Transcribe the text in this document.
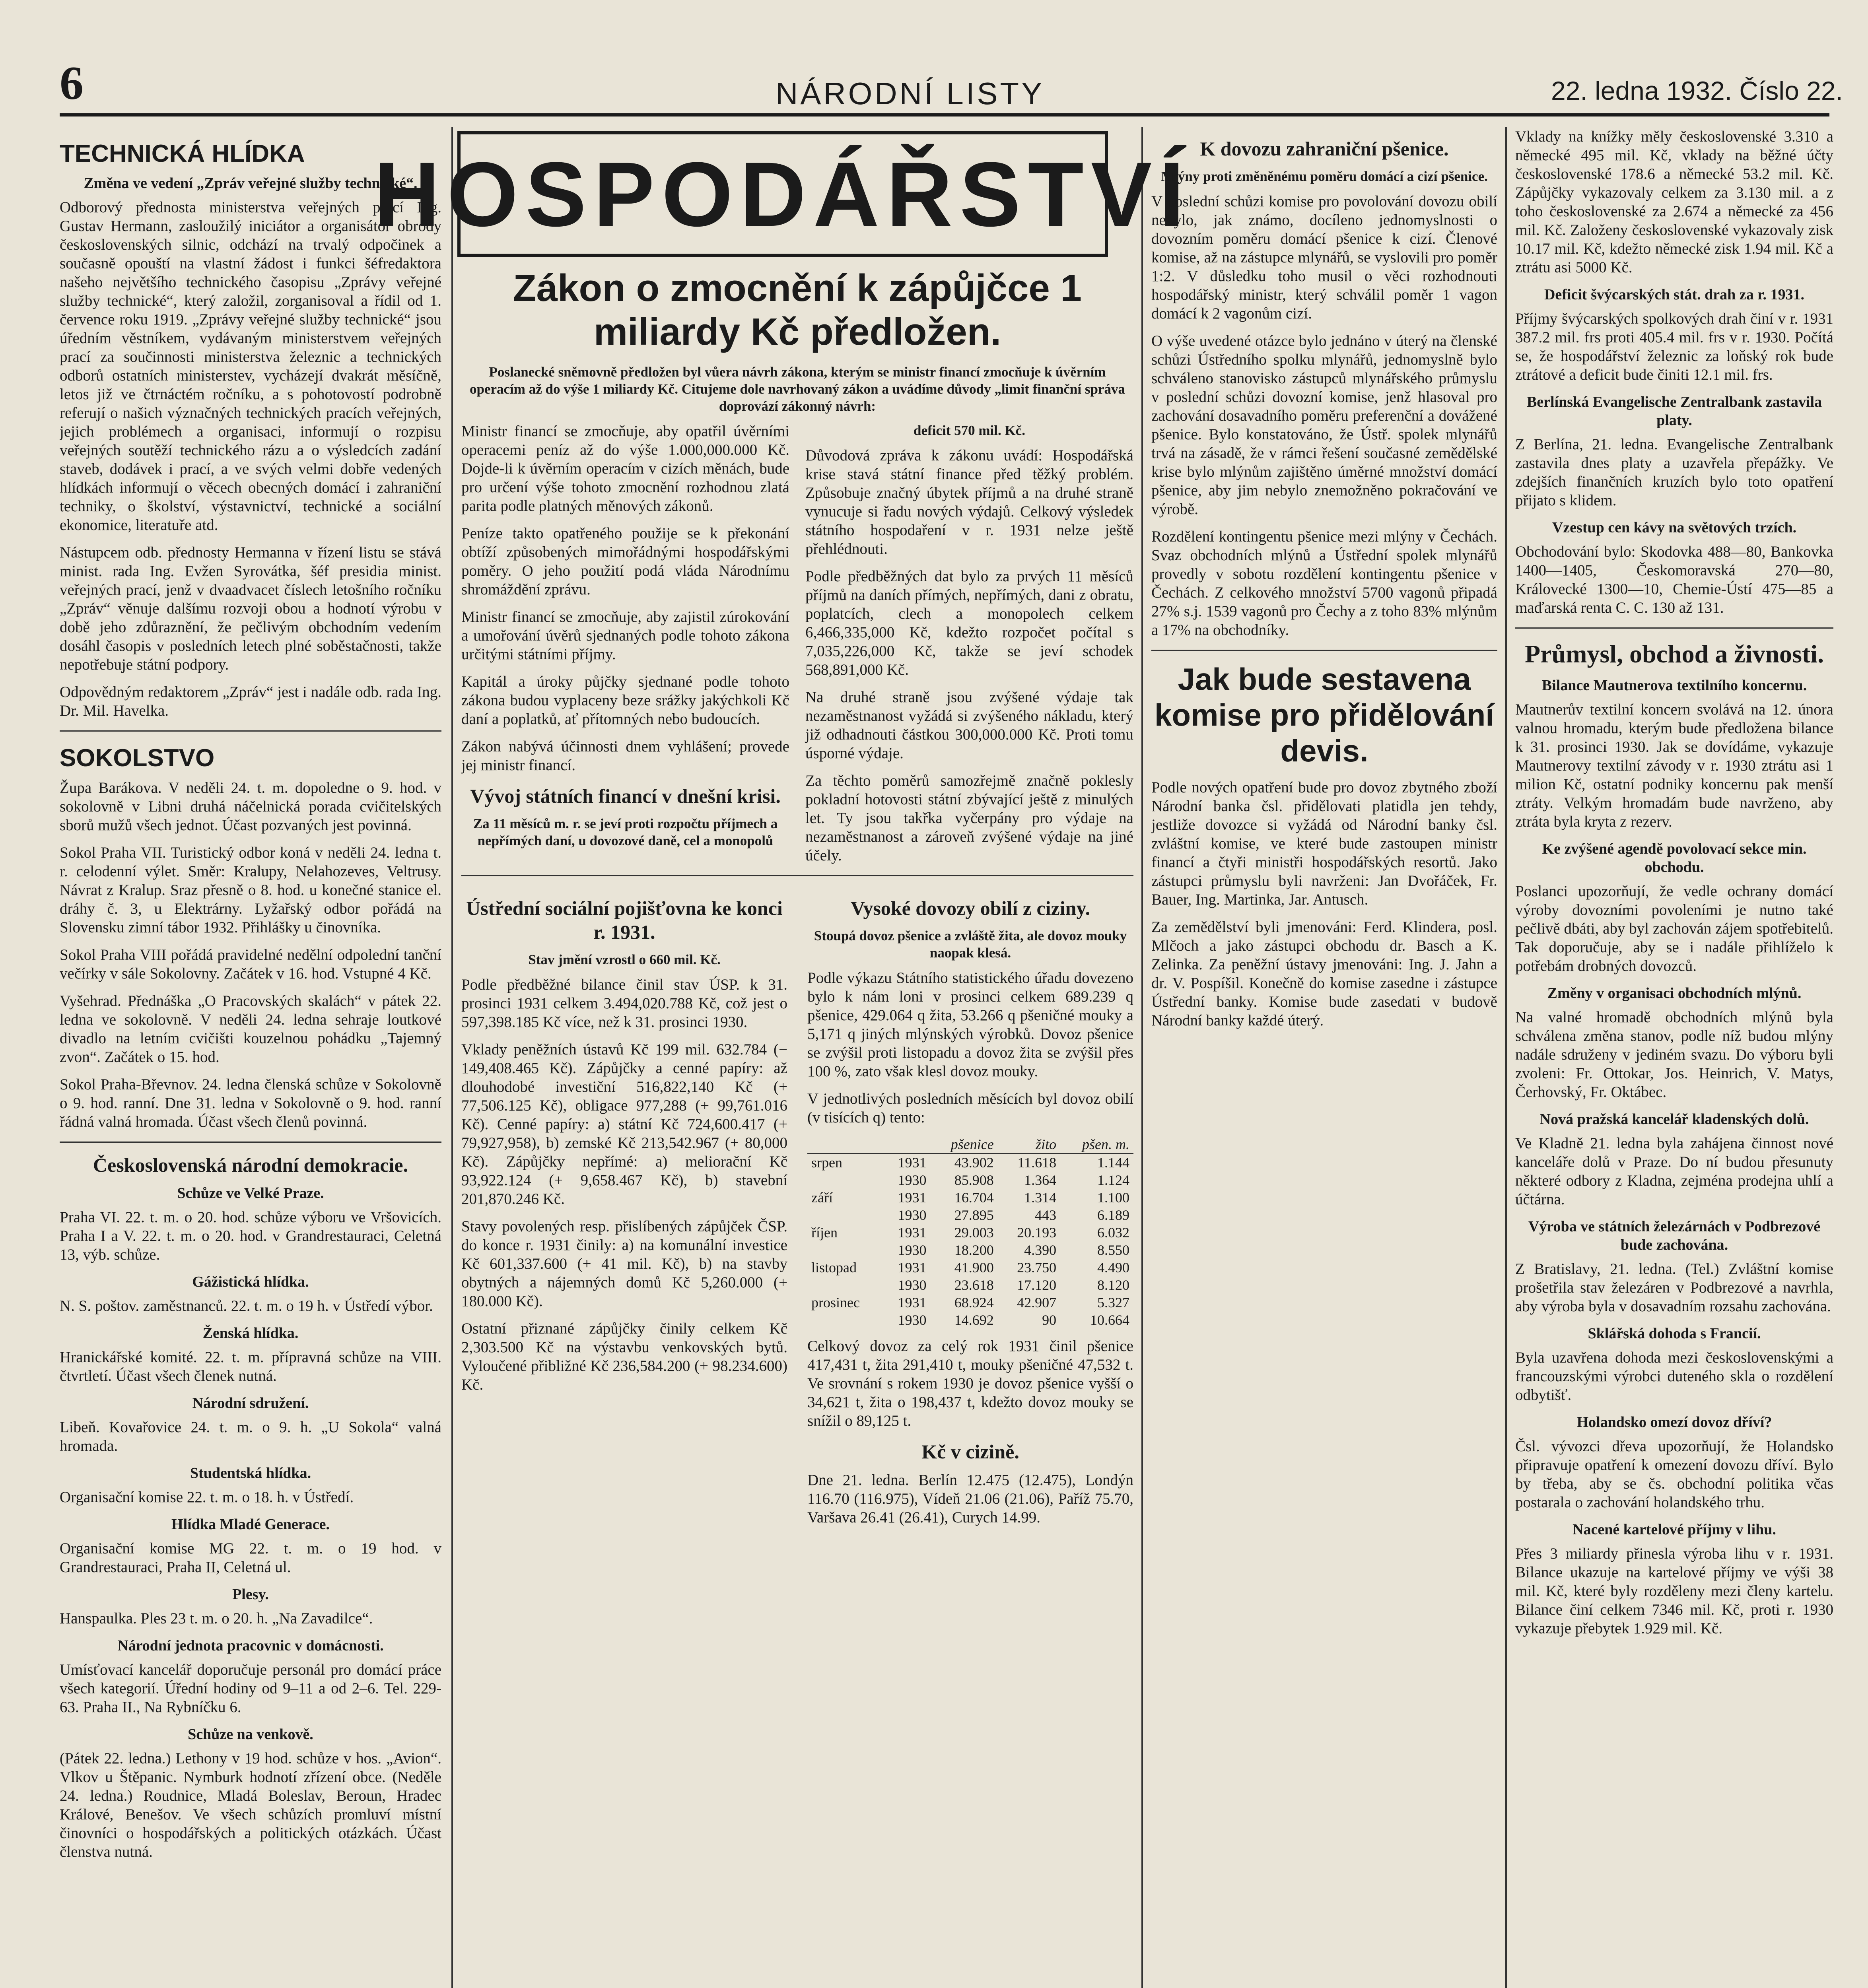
6	NÁRODNÍ LISTY	22. ledna 1932. Číslo 22.
TECHNICKÁ HLÍDKA
Změna ve vedení „Zpráv veřejné služby technické“.

Odborový přednosta ministerstva veřejných prací Ing. Gustav Hermann, zasloužilý iniciátor a organisátor obrody československých silnic, odchází na trvalý odpočinek a současně opouští na vlastní žádost i funkci šéfredaktora našeho největšího technického časopisu „Zprávy veřejné služby technické“, který založil, zorganisoval a řídil od 1. července roku 1919. „Zprávy veřejné služby technické“ jsou úředním věstníkem, vydávaným ministerstvem veřejných prací za součinnosti ministerstva železnic a technických odborů ostatních ministerstev, vycházejí dvakrát měsíčně, letos již ve čtrnáctém ročníku, a s pohotovostí podrobně referují o našich význačných technických pracích veřejných, jejich problémech a organisaci, informují o rozpisu veřejných soutěží technického rázu a o výsledcích zadání staveb, dodávek i prací, a ve svých velmi dobře vedených hlídkách informují o věcech obecných domácí i zahraniční techniky, o školství, výstavnictví, technické a sociální ekonomice, literatuře atd.

Nástupcem odb. přednosty Hermanna v řízení listu se stává minist. rada Ing. Evžen Syrovátka, šéf presidia minist. veřejných prací, jenž v dvaadvacet číslech letošního ročníku „Zpráv“ věnuje dalšímu rozvoji obou a hodnotí výrobu v době jeho zdůraznění, že pečlivým obchodním vedením dosáhl časopis v posledních letech plné soběstačnosti, takže nepotřebuje státní podpory.

Odpovědným redaktorem „Zpráv“ jest i nadále odb. rada Ing. Dr. Mil. Havelka.

SOKOLSTVO

Župa Barákova. V neděli 24. t. m. dopoledne o 9. hod. v sokolovně v Libni druhá náčelnická porada cvičitelských sborů mužů všech jednot. Účast pozvaných jest povinná.

Sokol Praha VII. Turistický odbor koná v neděli 24. ledna t. r. celodenní výlet. Směr: Kralupy, Nelahozeves, Veltrusy. Návrat z Kralup. Sraz přesně o 8. hod. u konečné stanice el. dráhy č. 3, u Elektrárny. Lyžařský odbor pořádá na Slovensku zimní tábor 1932. Přihlášky u činovníka.

Sokol Praha VIII pořádá pravidelné nedělní odpolední tanční večírky v sále Sokolovny. Začátek v 16. hod. Vstupné 4 Kč.

Vyšehrad. Přednáška „O Pracovských skalách“ v pátek 22. ledna ve sokolovně. V neděli 24. ledna sehraje loutkové divadlo na letním cvičišti kouzelnou pohádku „Tajemný zvon“. Začátek o 15. hod.

Sokol Praha-Břevnov. 24. ledna členská schůze v Sokolovně o 9. hod. ranní. Dne 31. ledna v Sokolovně o 9. hod. ranní řádná valná hromada. Účast všech členů povinná.

Československá národní demokracie.
Schůze ve Velké Praze.

Praha VI. 22. t. m. o 20. hod. schůze výboru ve Vršovicích. Praha I a V. 22. t. m. o 20. hod. v Grandrestauraci, Celetná 13, výb. schůze.

Gážistická hlídka.

N. S. poštov. zaměstnanců. 22. t. m. o 19 h. v Ústředí výbor.

Ženská hlídka.

Hranickářské komité. 22. t. m. přípravná schůze na VIII. čtvrtletí. Účast všech členek nutná.

Národní sdružení.

Libeň. Kovařovice 24. t. m. o 9. h. „U Sokola“ valná hromada.

Studentská hlídka.

Organisační komise 22. t. m. o 18. h. v Ústředí.

Hlídka Mladé Generace.

Organisační komise MG 22. t. m. o 19 hod. v Grandrestauraci, Praha II, Celetná ul.

Plesy.

Hanspaulka. Ples 23 t. m. o 20. h. „Na Zavadilce“.

Národní jednota pracovnic v domácnosti.

Umísťovací kancelář doporučuje personál pro domácí práce všech kategorií. Úřední hodiny od 9–11 a od 2–6. Tel. 229-63. Praha II., Na Rybníčku 6.

Schůze na venkově.

(Pátek 22. ledna.) Lethony v 19 hod. schůze v hos. „Avion“. Vlkov u Štěpanic. Nymburk hodnotí zřízení obce. (Neděle 24. ledna.) Roudnice, Mladá Boleslav, Beroun, Hradec Králové, Benešov. Ve všech schůzích promluví místní činovníci o hospodářských a politických otázkách. Účast členstva nutná.

HOSPODÁŘSTVÍ
Zákon o zmocnění k zápůjčce 1 miliardy Kč předložen.

Poslanecké sněmovně předložen byl vůera návrh zákona, kterým se ministr financí zmocňuje k úvěrním operacím až do výše 1 miliardy Kč. Citujeme dole navrhovaný zákon a uvádíme důvody „limit finanční správa doprovází zákonný návrh:

Ministr financí se zmocňuje, aby opatřil úvěrními operacemi peníz až do výše 1.000,000.000 Kč. Dojde-li k úvěrním operacím v cizích měnách, bude pro určení výše tohoto zmocnění rozhodnou zlatá parita podle platných měnových zákonů.

Peníze takto opatřeného použije se k překonání obtíží způsobených mimořádnými hospodářskými poměry. O jeho použití podá vláda Národnímu shromáždění zprávu.

Ministr financí se zmocňuje, aby zajistil zúrokování a umořování úvěrů sjednaných podle tohoto zákona určitými státními příjmy.

Kapitál a úroky půjčky sjednané podle tohoto zákona budou vyplaceny beze srážky jakýchkoli Kč daní a poplatků, ať přítomných nebo budoucích.

Zákon nabývá účinnosti dnem vyhlášení; provede jej ministr financí.

Vývoj státních financí v dnešní krisi.

Za 11 měsíců m. r. se jeví proti rozpočtu příjmech a nepřímých daní, u dovozové daně, cel a monopolů deficit 570 mil. Kč.

Důvodová zpráva k zákonu uvádí: Hospodářská krise stavá státní finance před těžký problém. Způsobuje značný úbytek příjmů a na druhé straně vynucuje si řadu nových výdajů. Celkový výsledek státního hospodaření v r. 1931 nelze ještě přehlédnouti.

Podle předběžných dat bylo za prvých 11 měsíců příjmů na daních přímých, nepřímých, dani z obratu, poplatcích, clech a monopolech celkem 6,466,335,000 Kč, kdežto rozpočet počítal s 7,035,226,000 Kč, takže se jeví schodek 568,891,000 Kč.

Na druhé straně jsou zvýšené výdaje tak nezaměstnanost vyžádá si zvýšeného nákladu, který již odhadnouti částkou 300,000.000 Kč. Proti tomu úsporné výdaje.

Za těchto poměrů samozřejmě značně poklesly pokladní hotovosti státní zbývající ještě z minulých let. Ty jsou takřka vyčerpány pro výdaje na nezaměstnanost a zároveň zvýšené výdaje na jiné účely.

Ústřední sociální pojišťovna ke konci r. 1931.

Stav jmění vzrostl o 660 mil. Kč.

Podle předběžné bilance činil stav ÚSP. k 31. prosinci 1931 celkem 3.494,020.788 Kč, což jest o 597,398.185 Kč více, než k 31. prosinci 1930.

Vklady peněžních ústavů Kč 199 mil. 632.784 (− 149,408.465 Kč). Zápůjčky a cenné papíry: až dlouhodobé investiční 516,822,140 Kč (+ 77,506.125 Kč), obligace 977,288 (+ 99,761.016 Kč). Cenné papíry: a) státní Kč 724,600.417 (+ 79,927,958), b) zemské Kč 213,542.967 (+ 80,000 Kč). Zápůjčky nepřímé: a) meliorační Kč 93,922.124 (+ 9,658.467 Kč), b) stavební 201,870.246 Kč.

Stavy povolených resp. přislíbených zápůjček ČSP. do konce r. 1931 činily: a) na komunální investice Kč 601,337.600 (+ 41 mil. Kč), b) na stavby obytných a nájemných domů Kč 5,260.000 (+ 180.000 Kč).

Ostatní přiznané zápůjčky činily celkem Kč 2,303.500 Kč na výstavbu venkovských bytů. Vyloučené přibližné Kč 236,584.200 (+ 98.234.600) Kč.

Vysoké dovozy obilí z ciziny.

Stoupá dovoz pšenice a zvláště žita, ale dovoz mouky naopak klesá.

Podle výkazu Státního statistického úřadu dovezeno bylo k nám loni v prosinci celkem 689.239 q pšenice, 429.064 q žita, 53.266 q pšeničné mouky a 5,171 q jiných mlýnských výrobků. Dovoz pšenice se zvýšil proti listopadu a dovoz žita se zvýšil přes 100 %, zato však klesl dovoz mouky.

V jednotlivých posledních měsících byl dovoz obilí (v tisících q) tento:

		pšenice	žito	pšen. m.
srpen	1931	43.902	11.618	1.144
	1930	85.908	1.364	1.124
září	1931	16.704	1.314	1.100
	1930	27.895	443	6.189
říjen	1931	29.003	20.193	6.032
	1930	18.200	4.390	8.550
listopad	1931	41.900	23.750	4.490
	1930	23.618	17.120	8.120
prosinec	1931	68.924	42.907	5.327
	1930	14.692	90	10.664

Celkový dovoz za celý rok 1931 činil pšenice 417,431 t, žita 291,410 t, mouky pšeničné 47,532 t. Ve srovnání s rokem 1930 je dovoz pšenice vyšší o 34,621 t, žita o 198,437 t, kdežto dovoz mouky se snížil o 89,125 t.

Kč v cizině.

Dne 21. ledna. Berlín 12.475 (12.475), Londýn 116.70 (116.975), Vídeň 21.06 (21.06), Paříž 75.70, Varšava 26.41 (26.41), Curych 14.99.

K dovozu zahraniční pšenice.

Mlýny proti změněnému poměru domácí a cizí pšenice.

V poslední schůzi komise pro povolování dovozu obilí nebylo, jak známo, docíleno jednomyslnosti o dovozním poměru domácí pšenice k cizí. Členové komise, až na zástupce mlynářů, se vyslovili pro poměr 1:2. V důsledku toho musil o věci rozhodnouti hospodářský ministr, který schválil poměr 1 vagon domácí k 2 vagonům cizí.

O výše uvedené otázce bylo jednáno v úterý na členské schůzi Ústředního spolku mlynářů, jednomyslně bylo schváleno stanovisko zástupců mlynářského průmyslu v poslední schůzi dovozní komise, jenž hlasoval pro zachování dosavadního poměru preferenční a dovážené pšenice. Bylo konstatováno, že Ústř. spolek mlynářů trvá na zásadě, že v rámci řešení současné zemědělské krise bylo mlýnům zajištěno úměrné množství domácí pšenice, aby jim nebylo znemožněno pokračování ve výrobě.

Rozdělení kontingentu pšenice mezi mlýny v Čechách. Svaz obchodních mlýnů a Ústřední spolek mlynářů provedly v sobotu rozdělení kontingentu pšenice v Čechách. Z celkového množství 5700 vagonů připadá 27% s.j. 1539 vagonů pro Čechy a z toho 83% mlýnům a 17% na obchodníky.

Jak bude sestavena komise pro přidělování devis.

Podle nových opatření bude pro dovoz zbytného zboží Národní banka čsl. přidělovati platidla jen tehdy, jestliže dovozce si vyžádá od Národní banky čsl. zvláštní komise, ve které bude zastoupen ministr financí a čtyři ministři hospodářských resortů. Jako zástupci průmyslu byli navrženi: Jan Dvořáček, Fr. Bauer, Ing. Martinka, Jar. Antusch.

Za zemědělství byli jmenováni: Ferd. Klindera, posl. Mlčoch a jako zástupci obchodu dr. Basch a K. Zelinka. Za peněžní ústavy jmenováni: Ing. J. Jahn a dr. V. Pospíšil. Konečně do komise zasedne i zástupce Ústřední banky. Komise bude zasedati v budově Národní banky každé úterý.

Vklady na knížky měly československé 3.310 a německé 495 mil. Kč, vklady na běžné účty československé 178.6 a německé 53.2 mil. Kč. Zápůjčky vykazovaly celkem za 3.130 mil. a z toho československé za 2.674 a německé za 456 mil. Kč. Založeny československé vykazovaly zisk 10.17 mil. Kč, kdežto německé zisk 1.94 mil. Kč a ztrátu asi 5000 Kč.

Deficit švýcarských stát. drah za r. 1931.

Příjmy švýcarských spolkových drah činí v r. 1931 387.2 mil. frs proti 405.4 mil. frs v r. 1930. Počítá se, že hospodářství železnic za loňský rok bude ztrátové a deficit bude činiti 12.1 mil. frs.

Berlínská Evangelische Zentralbank zastavila platy.

Z Berlína, 21. ledna. Evangelische Zentralbank zastavila dnes platy a uzavřela přepážky. Ve zdejších finančních kruzích bylo toto opatření přijato s klidem.

Vzestup cen kávy na světových trzích.

Obchodování bylo: Skodovka 488—80, Bankovka 1400—1405, Českomoravská 270—80, Královecké 1300—10, Chemie-Ústí 475—85 a maďarská renta C. C. 130 až 131.

Průmysl, obchod a živnosti.
Bilance Mautnerova textilního koncernu.

Mautnerův textilní koncern svolává na 12. února valnou hromadu, kterým bude předložena bilance k 31. prosinci 1930. Jak se dovídáme, vykazuje Mautnerovy textilní závody v r. 1930 ztrátu asi 1 milion Kč, ostatní podniky koncernu pak menší ztráty. Velkým hromadám bude navrženo, aby ztráta byla kryta z rezerv.

Ke zvýšené agendě povolovací sekce min. obchodu.

Poslanci upozorňují, že vedle ochrany domácí výroby dovozními povoleními je nutno také pečlivě dbáti, aby byl zachován zájem spotřebitelů. Tak doporučuje, aby se i nadále přihlíželo k potřebám drobných dovozců.

Změny v organisaci obchodních mlýnů.

Na valné hromadě obchodních mlýnů byla schválena změna stanov, podle níž budou mlýny nadále sdruženy v jediném svazu. Do výboru byli zvoleni: Fr. Ottokar, Jos. Heinrich, V. Matys, Čerhovský, Fr. Oktábec.

Nová pražská kancelář kladenských dolů.

Ve Kladně 21. ledna byla zahájena činnost nové kanceláře dolů v Praze. Do ní budou přesunuty některé odbory z Kladna, zejména prodejna uhlí a účtárna.

Výroba ve státních železárnách v Podbrezové bude zachována.

Z Bratislavy, 21. ledna. (Tel.) Zvláštní komise prošetřila stav železáren v Podbrezové a navrhla, aby výroba byla v dosavadním rozsahu zachována.

Sklářská dohoda s Francií.

Byla uzavřena dohoda mezi československými a francouzskými výrobci duteného skla o rozdělení odbytišť.

Holandsko omezí dovoz dříví?

Čsl. vývozci dřeva upozorňují, že Holandsko připravuje opatření k omezení dovozu dříví. Bylo by třeba, aby se čs. obchodní politika včas postarala o zachování holandského trhu.

Nacené kartelové příjmy v lihu.

Přes 3 miliardy přinesla výroba lihu v r. 1931. Bilance ukazuje na kartelové příjmy ve výši 38 mil. Kč, které byly rozděleny mezi členy kartelu. Bilance činí celkem 7346 mil. Kč, proti r. 1930 vykazuje přebytek 1.929 mil. Kč.
